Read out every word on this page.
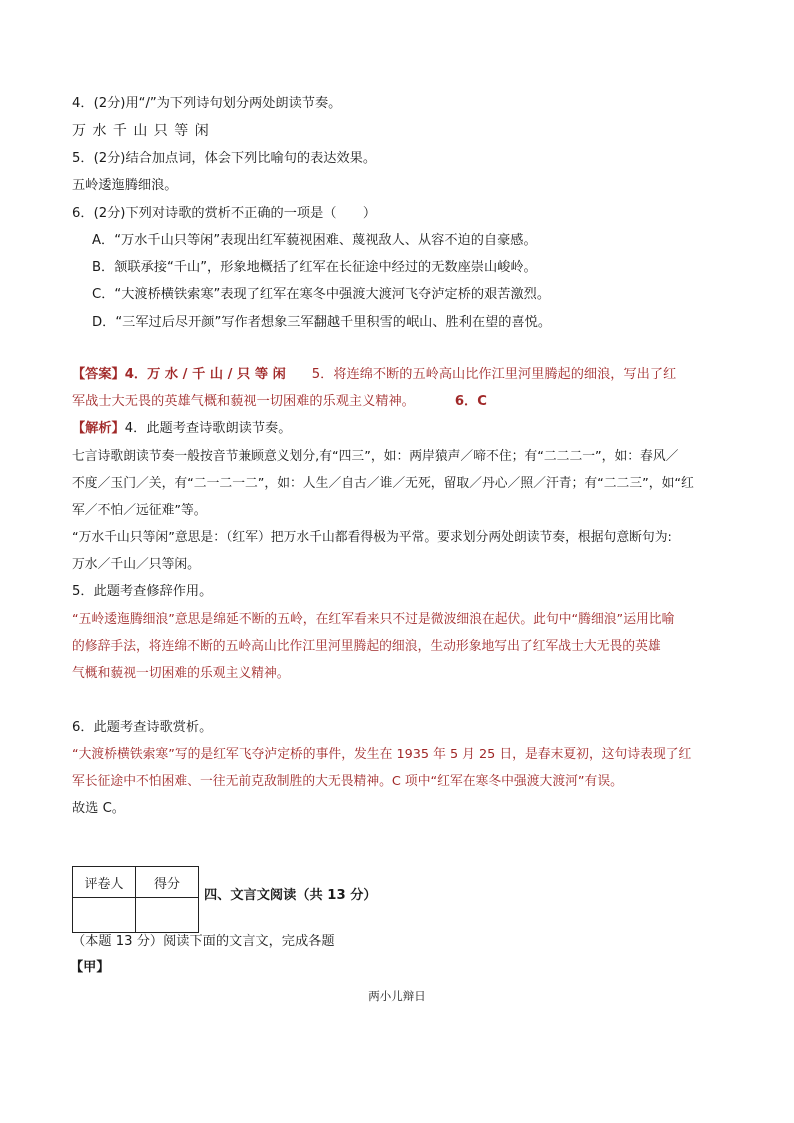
4．(2分)用“/”为下列诗句划分两处朗读节奏。
万 水 千 山 只 等 闲
5．(2分)结合加点词，体会下列比喻句的表达效果。
五岭逶迤腾细浪。
6．(2分)下列对诗歌的赏析不正确的一项是（　　）
A．“万水千山只等闲”表现出红军藐视困难、蔑视敌人、从容不迫的自豪感。
B．颔联承接“千山”，形象地概括了红军在长征途中经过的无数座崇山峻岭。
C．“大渡桥横铁索寒”表现了红军在寒冬中强渡大渡河飞夺泸定桥的艰苦激烈。
D．“三军过后尽开颜”写作者想象三军翻越千里积雪的岷山、胜利在望的喜悦。
【答案】4．万 水 / 千 山 / 只 等 闲 5．将连绵不断的五岭高山比作江里河里腾起的细浪，写出了红
军战士大无畏的英雄气概和藐视一切困难的乐观主义精神。	6．C
【解析】4．此题考查诗歌朗读节奏。
七言诗歌朗读节奏一般按音节兼顾意义划分,有“四三”，如：两岸猿声／啼不住；有“二二二一”，如：春风／
不度／玉门／关，有“二一二一二”，如：人生／自古／谁／无死，留取／丹心／照／汗青；有“二二三”，如“红
军／不怕／远征难”等。
“万水千山只等闲”意思是：（红军）把万水千山都看得极为平常。要求划分两处朗读节奏，根据句意断句为:
万水／千山／只等闲。
5．此题考查修辞作用。
“五岭逶迤腾细浪”意思是绵延不断的五岭，在红军看来只不过是微波细浪在起伏。此句中“腾细浪”运用比喻
的修辞手法，将连绵不断的五岭高山比作江里河里腾起的细浪，生动形象地写出了红军战士大无畏的英雄
气概和藐视一切困难的乐观主义精神。
6．此题考查诗歌赏析。
“大渡桥横铁索寒”写的是红军飞夺泸定桥的事件，发生在 1935 年 5 月 25 日，是春末夏初，这句诗表现了红
军长征途中不怕困难、一往无前克敌制胜的大无畏精神。C 项中“红军在寒冬中强渡大渡河”有误。
故选 C。
评卷人	得分

四、文言文阅读（共 13 分）
（本题 13 分）阅读下面的文言文，完成各题
【甲】
两小儿辩日
